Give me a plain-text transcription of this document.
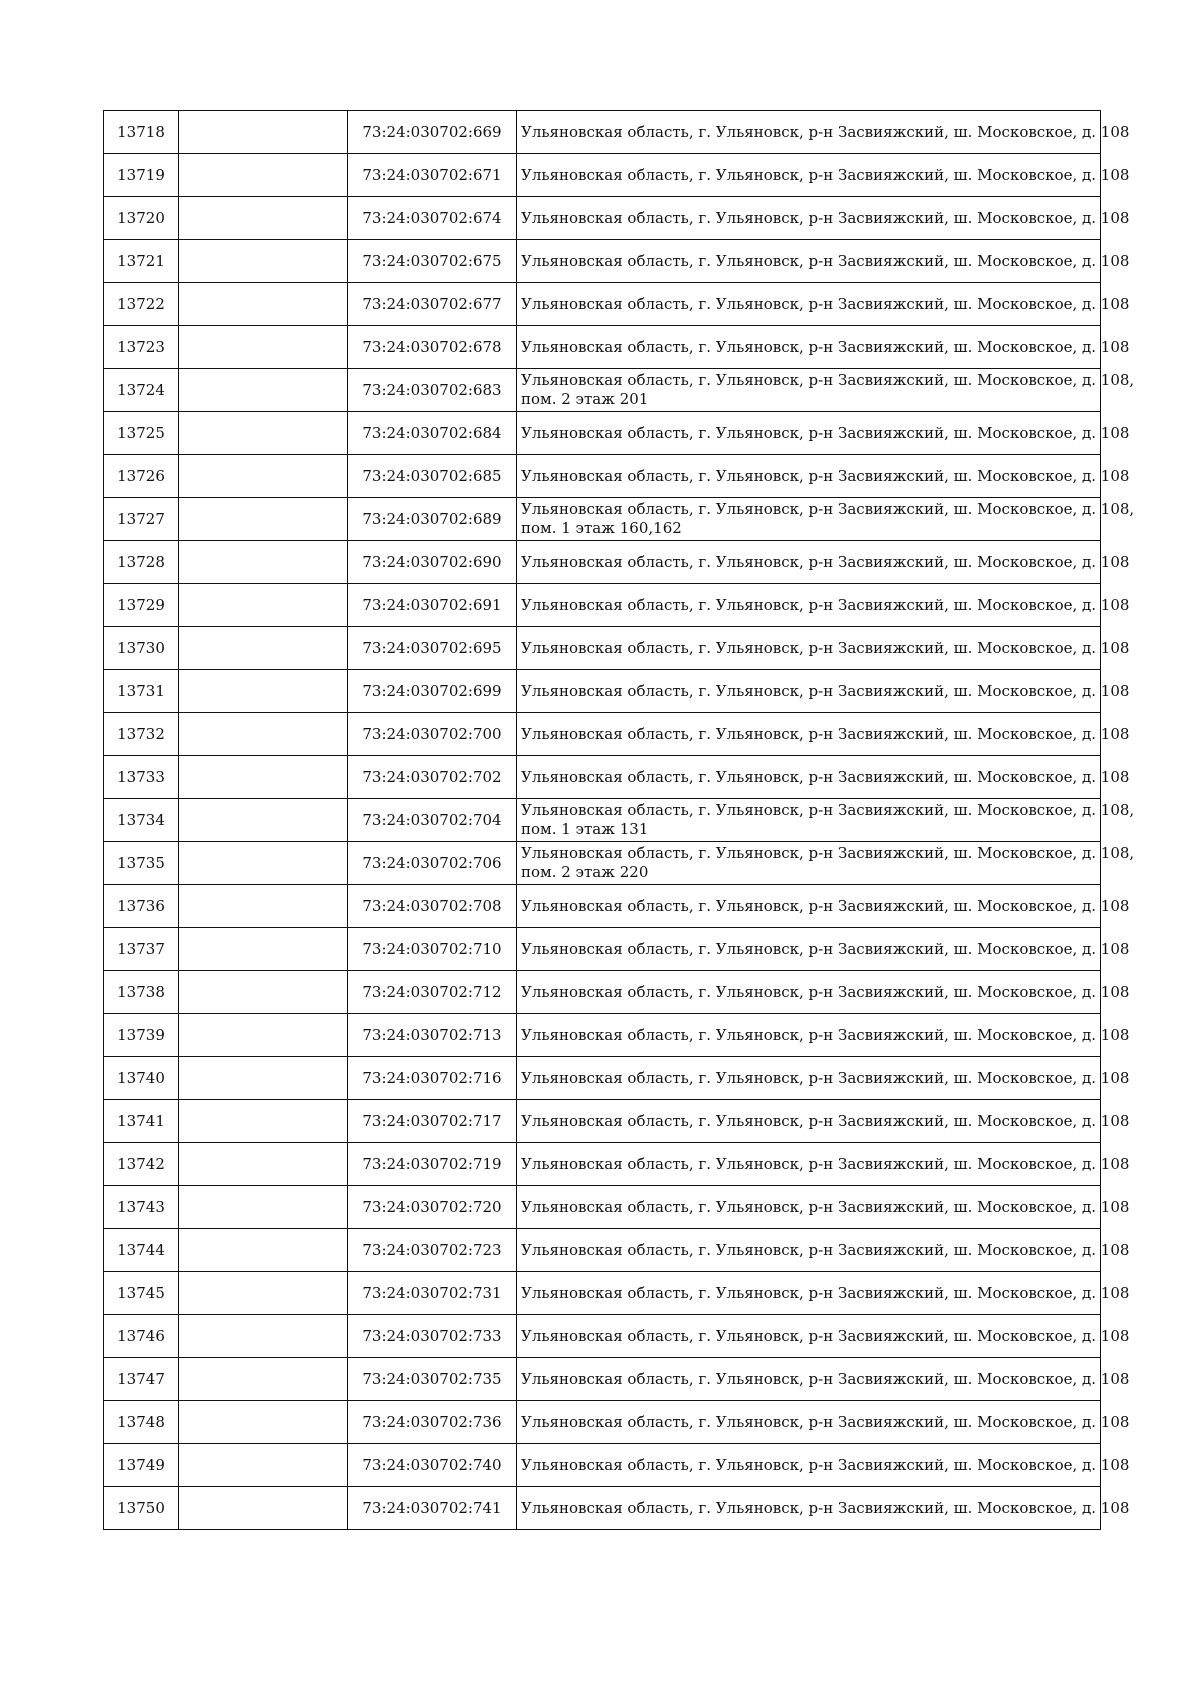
13718		73:24:030702:669	Ульяновская область, г. Ульяновск, р-н Засвияжский, ш. Московское, д. 108

13719		73:24:030702:671	Ульяновская область, г. Ульяновск, р-н Засвияжский, ш. Московское, д. 108

13720		73:24:030702:674	Ульяновская область, г. Ульяновск, р-н Засвияжский, ш. Московское, д. 108

13721		73:24:030702:675	Ульяновская область, г. Ульяновск, р-н Засвияжский, ш. Московское, д. 108

13722		73:24:030702:677	Ульяновская область, г. Ульяновск, р-н Засвияжский, ш. Московское, д. 108

13723		73:24:030702:678	Ульяновская область, г. Ульяновск, р-н Засвияжский, ш. Московское, д. 108

13724		73:24:030702:683	Ульяновская область, г. Ульяновск, р-н Засвияжский, ш. Московское, д. 108,
пом. 2 этаж 201

13725		73:24:030702:684	Ульяновская область, г. Ульяновск, р-н Засвияжский, ш. Московское, д. 108

13726		73:24:030702:685	Ульяновская область, г. Ульяновск, р-н Засвияжский, ш. Московское, д. 108

13727		73:24:030702:689	Ульяновская область, г. Ульяновск, р-н Засвияжский, ш. Московское, д. 108,
пом. 1 этаж 160,162

13728		73:24:030702:690	Ульяновская область, г. Ульяновск, р-н Засвияжский, ш. Московское, д. 108

13729		73:24:030702:691	Ульяновская область, г. Ульяновск, р-н Засвияжский, ш. Московское, д. 108

13730		73:24:030702:695	Ульяновская область, г. Ульяновск, р-н Засвияжский, ш. Московское, д. 108

13731		73:24:030702:699	Ульяновская область, г. Ульяновск, р-н Засвияжский, ш. Московское, д. 108

13732		73:24:030702:700	Ульяновская область, г. Ульяновск, р-н Засвияжский, ш. Московское, д. 108

13733		73:24:030702:702	Ульяновская область, г. Ульяновск, р-н Засвияжский, ш. Московское, д. 108

13734		73:24:030702:704	Ульяновская область, г. Ульяновск, р-н Засвияжский, ш. Московское, д. 108,
пом. 1 этаж 131

13735		73:24:030702:706	Ульяновская область, г. Ульяновск, р-н Засвияжский, ш. Московское, д. 108,
пом. 2 этаж 220

13736		73:24:030702:708	Ульяновская область, г. Ульяновск, р-н Засвияжский, ш. Московское, д. 108

13737		73:24:030702:710	Ульяновская область, г. Ульяновск, р-н Засвияжский, ш. Московское, д. 108

13738		73:24:030702:712	Ульяновская область, г. Ульяновск, р-н Засвияжский, ш. Московское, д. 108

13739		73:24:030702:713	Ульяновская область, г. Ульяновск, р-н Засвияжский, ш. Московское, д. 108

13740		73:24:030702:716	Ульяновская область, г. Ульяновск, р-н Засвияжский, ш. Московское, д. 108

13741		73:24:030702:717	Ульяновская область, г. Ульяновск, р-н Засвияжский, ш. Московское, д. 108

13742		73:24:030702:719	Ульяновская область, г. Ульяновск, р-н Засвияжский, ш. Московское, д. 108

13743		73:24:030702:720	Ульяновская область, г. Ульяновск, р-н Засвияжский, ш. Московское, д. 108

13744		73:24:030702:723	Ульяновская область, г. Ульяновск, р-н Засвияжский, ш. Московское, д. 108

13745		73:24:030702:731	Ульяновская область, г. Ульяновск, р-н Засвияжский, ш. Московское, д. 108

13746		73:24:030702:733	Ульяновская область, г. Ульяновск, р-н Засвияжский, ш. Московское, д. 108

13747		73:24:030702:735	Ульяновская область, г. Ульяновск, р-н Засвияжский, ш. Московское, д. 108

13748		73:24:030702:736	Ульяновская область, г. Ульяновск, р-н Засвияжский, ш. Московское, д. 108

13749		73:24:030702:740	Ульяновская область, г. Ульяновск, р-н Засвияжский, ш. Московское, д. 108

13750		73:24:030702:741	Ульяновская область, г. Ульяновск, р-н Засвияжский, ш. Московское, д. 108
